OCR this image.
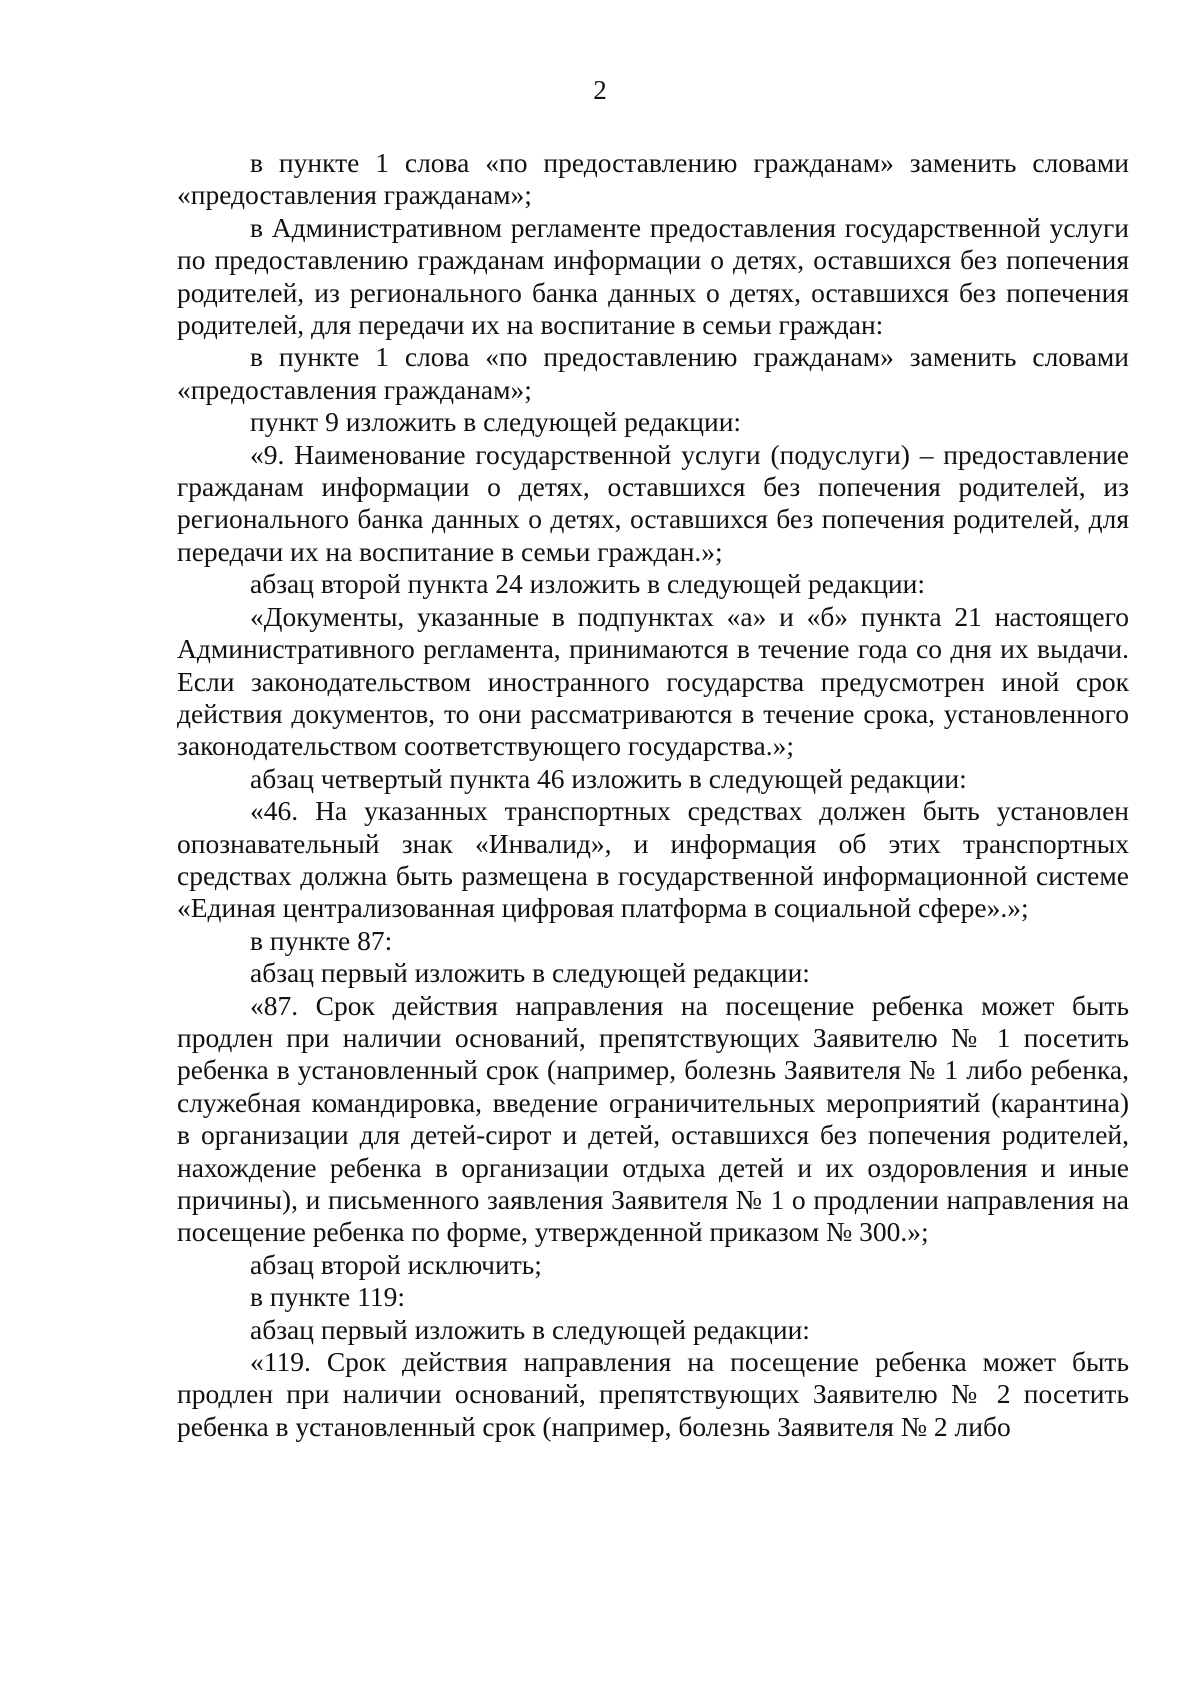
2

в пункте 1 слова «по предоставлению гражданам» заменить словами «предоставления гражданам»;

в Административном регламенте предоставления государственной услуги по предоставлению гражданам информации о детях, оставшихся без попечения родителей, из регионального банка данных о детях, оставшихся без попечения родителей, для передачи их на воспитание в семьи граждан:

в пункте 1 слова «по предоставлению гражданам» заменить словами «предоставления гражданам»;

пункт 9 изложить в следующей редакции:

«9. Наименование государственной услуги (подуслуги) – предоставление гражданам информации о детях, оставшихся без попечения родителей, из регионального банка данных о детях, оставшихся без попечения родителей, для передачи их на воспитание в семьи граждан.»;

абзац второй пункта 24 изложить в следующей редакции:

«Документы, указанные в подпунктах «а» и «б» пункта 21 настоящего Административного регламента, принимаются в течение года со дня их выдачи. Если законодательством иностранного государства предусмотрен иной срок действия документов, то они рассматриваются в течение срока, установленного законодательством соответствующего государства.»;

абзац четвертый пункта 46 изложить в следующей редакции:

«46. На указанных транспортных средствах должен быть установлен опознавательный знак «Инвалид», и информация об этих транспортных средствах должна быть размещена в государственной информационной системе «Единая централизованная цифровая платформа в социальной сфере».»;

в пункте 87:

абзац первый изложить в следующей редакции:

«87. Срок действия направления на посещение ребенка может быть продлен при наличии оснований, препятствующих Заявителю № 1 посетить ребенка в установленный срок (например, болезнь Заявителя № 1 либо ребенка, служебная командировка, введение ограничительных мероприятий (карантина) в организации для детей-сирот и детей, оставшихся без попечения родителей, нахождение ребенка в организации отдыха детей и их оздоровления и иные причины), и письменного заявления Заявителя № 1 о продлении направления на посещение ребенка по форме, утвержденной приказом № 300.»;

абзац второй исключить;

в пункте 119:

абзац первый изложить в следующей редакции:

«119. Срок действия направления на посещение ребенка может быть продлен при наличии оснований, препятствующих Заявителю № 2 посетить ребенка в установленный срок (например, болезнь Заявителя № 2 либо
